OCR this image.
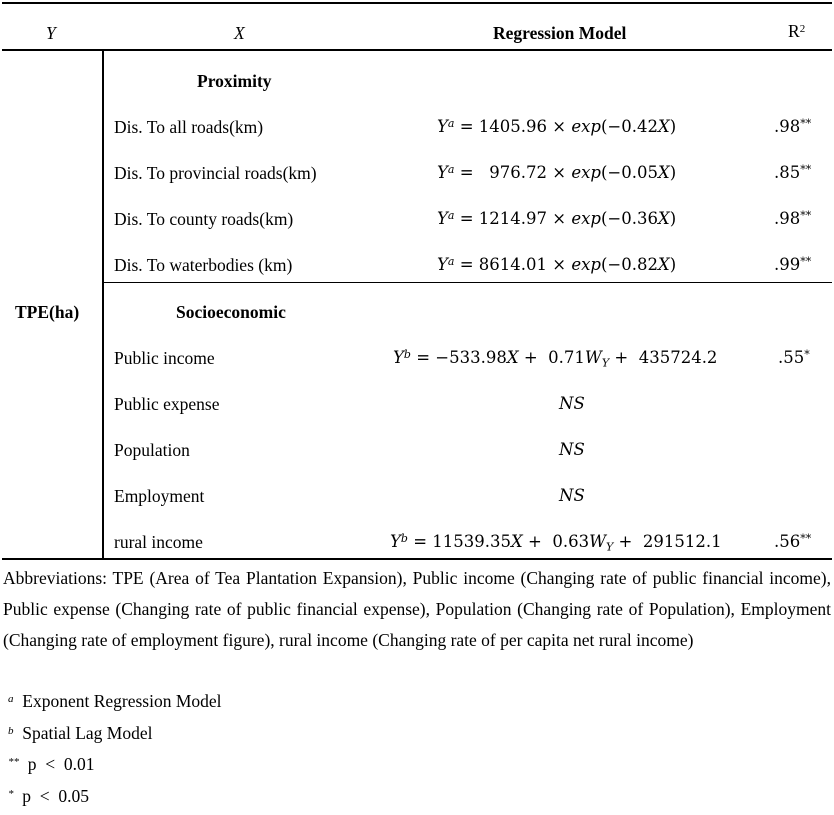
Y	X	Regression Model	$R^2$
TPE(ha)
Proximity
Dis. To all roads(km)	$Y^a = 1405.96 \times \exp(-0.42X)$	.98**
Dis. To provincial roads(km)	$Y^a = 976.72 \times \exp(-0.05X)$	.85**
Dis. To county roads(km)	$Y^a = 1214.97 \times \exp(-0.36X)$	.98**
Dis. To waterbodies (km)	$Y^a = 8614.01 \times \exp(-0.82X)$	.99**
Socioeconomic
Public income	$Y^b = -533.98X + 0.71W_Y + 435724.2$	.55*
Public expense	NS
Population	NS
Employment	NS
rural income	$Y^b = 11539.35X + 0.63W_Y + 291512.1$	.56**
Abbreviations: TPE (Area of Tea Plantation Expansion), Public income (Changing rate of public financial income), Public expense (Changing rate of public financial expense), Population (Changing rate of Population), Employment (Changing rate of employment figure), rural income (Changing rate of per capita net rural income)
$^a$ Exponent Regression Model
$^b$ Spatial Lag Model
** p  <  0.01
* p  <  0.05
